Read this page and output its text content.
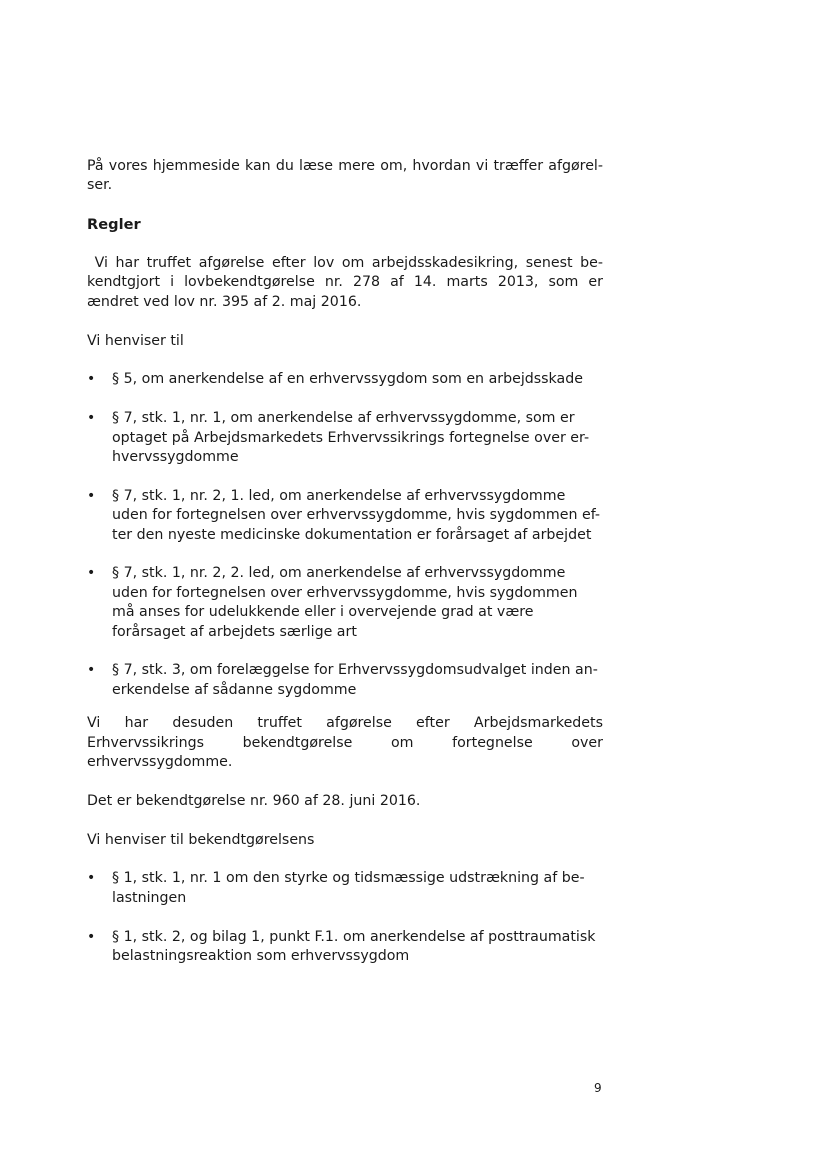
På vores hjemmeside kan du læse mere om, hvordan vi træffer afgørel-ser.

Regler

Vi har truffet afgørelse efter lov om arbejdsskadesikring, senest be-kendtgjort i lovbekendtgørelse nr. 278 af 14. marts 2013, som er ændret ved lov nr. 395 af 2. maj 2016.

Vi henviser til

• § 5, om anerkendelse af en erhvervssygdom som en arbejdsskade
• § 7, stk. 1, nr. 1, om anerkendelse af erhvervssygdomme, som er optaget på Arbejdsmarkedets Erhvervssikrings fortegnelse over er-hvervssygdomme
• § 7, stk. 1, nr. 2, 1. led, om anerkendelse af erhvervssygdomme uden for fortegnelsen over erhvervssygdomme, hvis sygdommen ef-ter den nyeste medicinske dokumentation er forårsaget af arbejdet
• § 7, stk. 1, nr. 2, 2. led, om anerkendelse af erhvervssygdomme uden for fortegnelsen over erhvervssygdomme, hvis sygdommen må anses for udelukkende eller i overvejende grad at være forårsaget af arbejdets særlige art
• § 7, stk. 3, om forelæggelse for Erhvervssygdomsudvalget inden an-erkendelse af sådanne sygdomme

Vi har desuden truffet afgørelse efter Arbejdsmarkedets Erhvervssikrings bekendtgørelse om fortegnelse over erhvervssygdomme.

Det er bekendtgørelse nr. 960 af 28. juni 2016.

Vi henviser til bekendtgørelsens

• § 1, stk. 1, nr. 1 om den styrke og tidsmæssige udstrækning af be-lastningen
• § 1, stk. 2, og bilag 1, punkt F.1. om anerkendelse af posttraumatisk belastningsreaktion som erhvervssygdom
9
